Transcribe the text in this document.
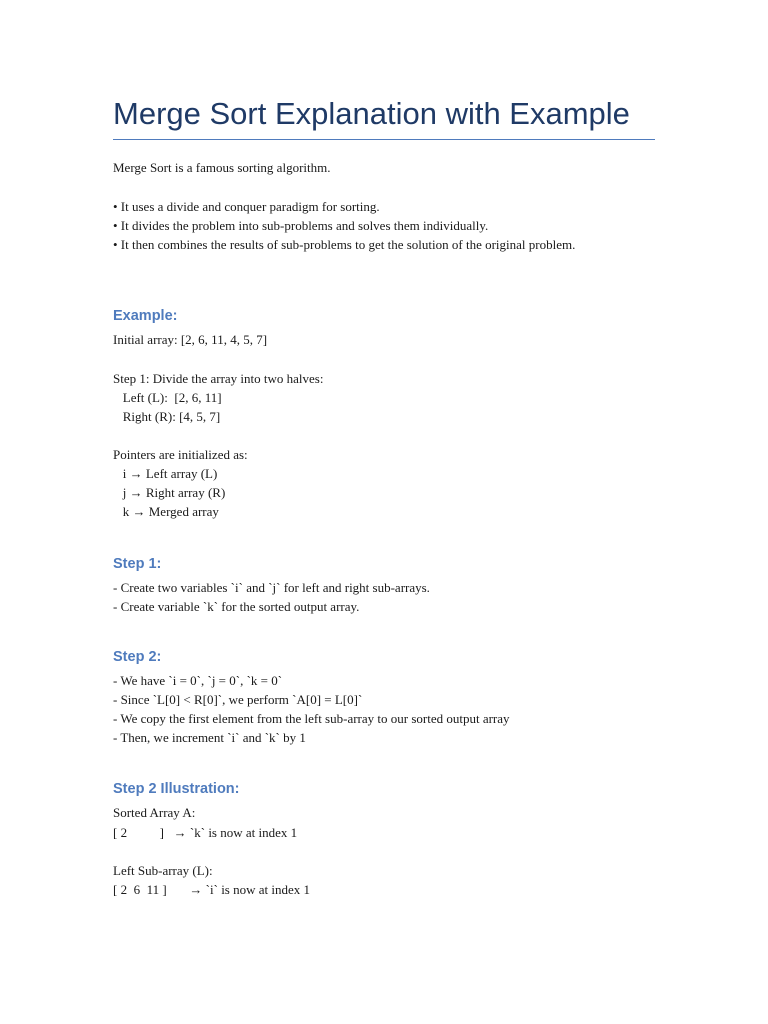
Merge Sort Explanation with Example
Merge Sort is a famous sorting algorithm.
• It uses a divide and conquer paradigm for sorting.
• It divides the problem into sub-problems and solves them individually.
• It then combines the results of sub-problems to get the solution of the original problem.
Example:
Initial array: [2, 6, 11, 4, 5, 7]
Step 1: Divide the array into two halves:
Left (L):  [2, 6, 11]
Right (R): [4, 5, 7]
Pointers are initialized as:
i → Left array (L)
j → Right array (R)
k → Merged array
Step 1:
- Create two variables `i` and `j` for left and right sub-arrays.
- Create variable `k` for the sorted output array.
Step 2:
- We have `i = 0`, `j = 0`, `k = 0`
- Since `L[0] < R[0]`, we perform `A[0] = L[0]`
- We copy the first element from the left sub-array to our sorted output array
- Then, we increment `i` and `k` by 1
Step 2 Illustration:
Sorted Array A:
[ 2          ]   → `k` is now at index 1
Left Sub-array (L):
[ 2  6  11 ]       → `i` is now at index 1
